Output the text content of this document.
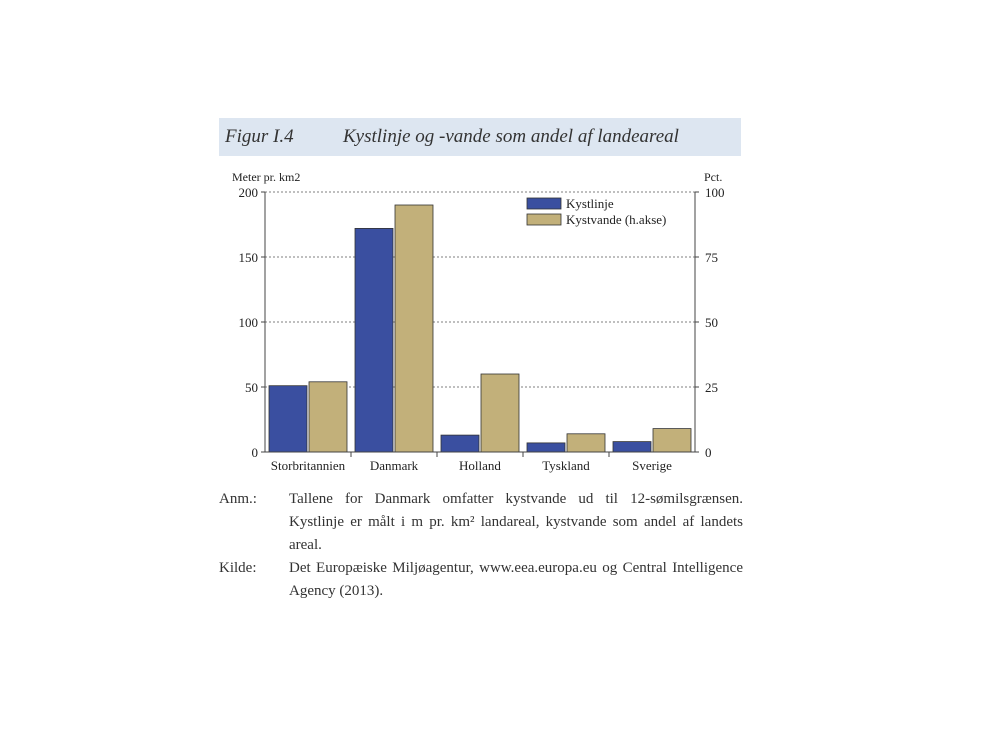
Figur I.4	Kystlinje og -vande som andel af landeareal
0
50
100
150
200
0
25
50
75
100
Storbritannien Danmark	Holland	Tyskland	Sverige
Meter pr. km2	Pct.
Kystlinje
Kystvande (h.akse)
Anm.:	Tallene for Danmark omfatter kystvande ud til 12-sømilsgrænsen. Kystlinje er målt i m pr. km² landareal, kystvande som andel af landets areal.
Kilde:	Det Europæiske Miljøagentur, www.eea.europa.eu og Central Intelligence Agency (2013).
